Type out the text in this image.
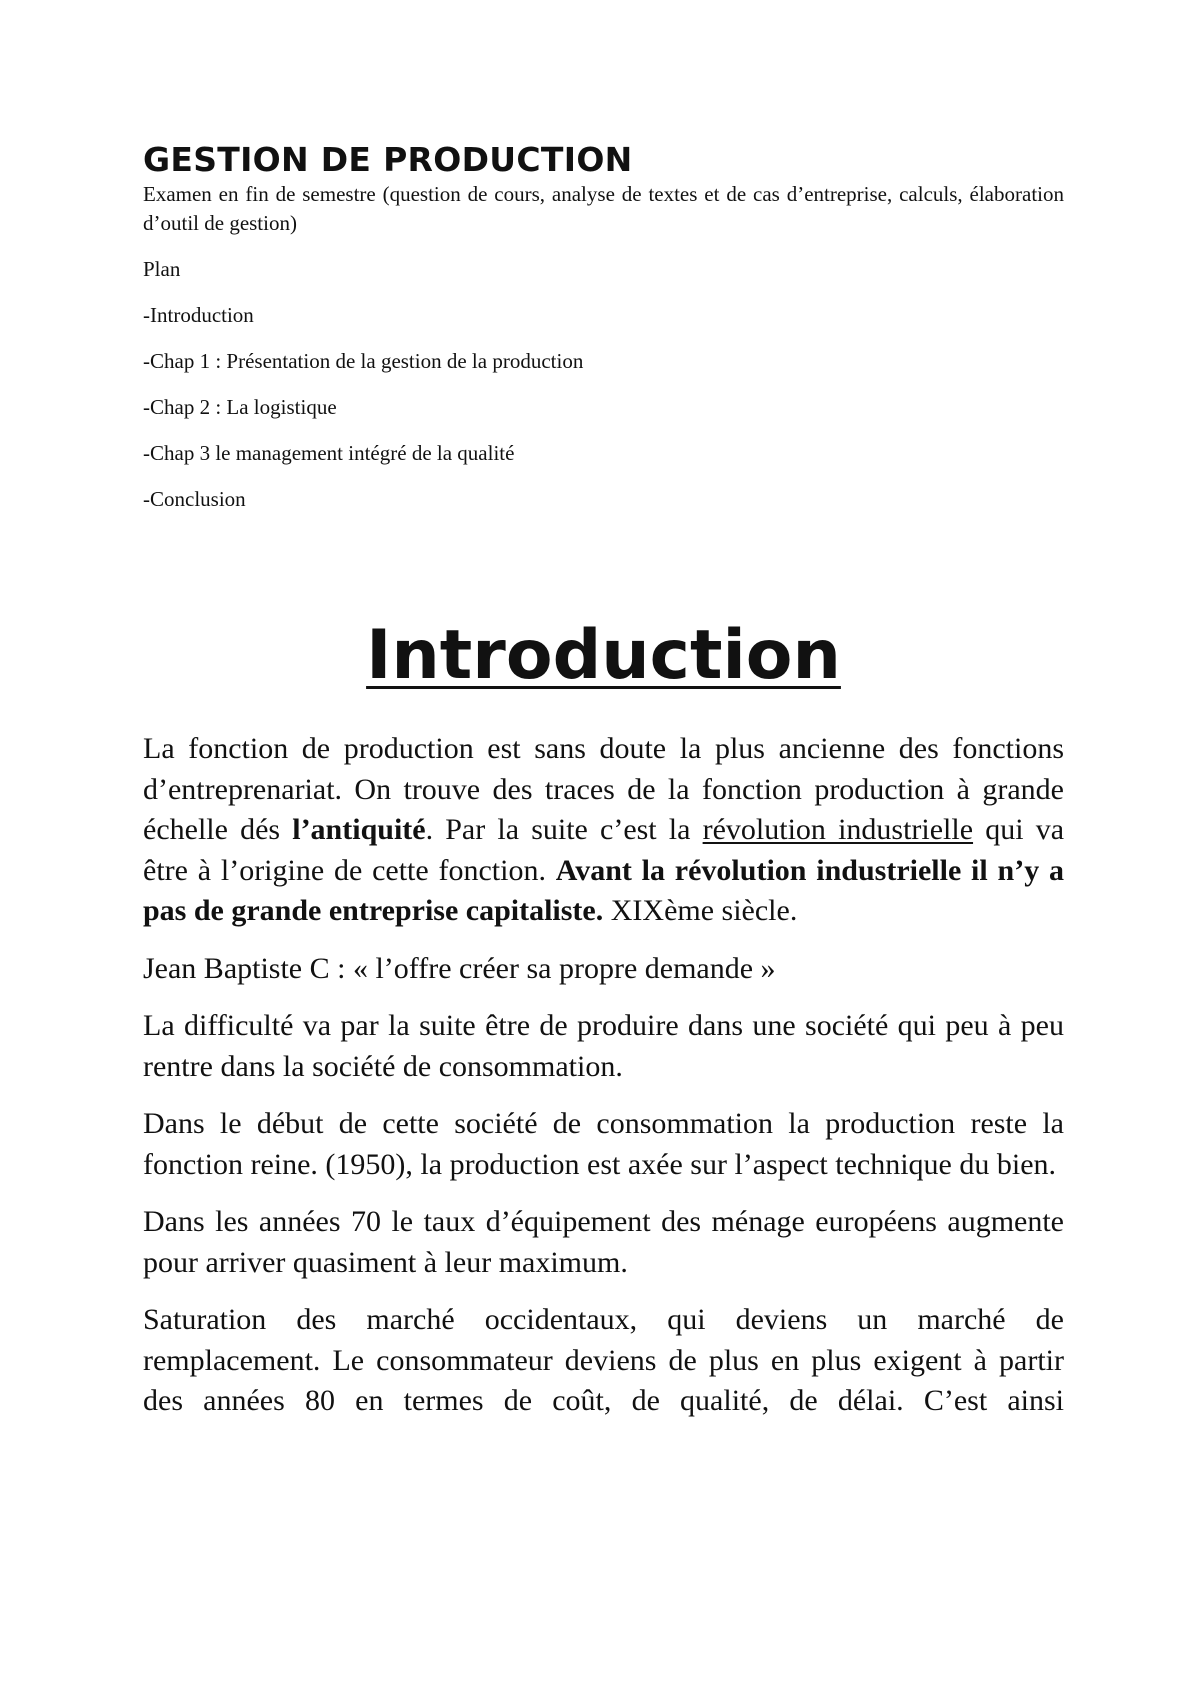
GESTION DE PRODUCTION

Examen en fin de semestre (question de cours, analyse de textes et de cas d’entreprise, calculs, élaboration d’outil de gestion)

Plan

-Introduction

-Chap 1 : Présentation de la gestion de la production

-Chap 2 : La logistique

-Chap 3 le management intégré de la qualité

-Conclusion

Introduction

La fonction de production est sans doute la plus ancienne des fonctions d’entreprenariat. On trouve des traces de la fonction production à grande échelle dés l’antiquité. Par la suite c’est la révolution industrielle qui va être à l’origine de cette fonction. Avant la révolution industrielle il n’y a pas de grande entreprise capitaliste. XIXème siècle.

Jean Baptiste C : « l’offre créer sa propre demande »

La difficulté va par la suite être de produire dans une société qui peu à peu rentre dans la société de consommation.

Dans le début de cette société de consommation la production reste la fonction reine. (1950), la production est axée sur l’aspect technique du bien.

Dans les années 70 le taux d’équipement des ménage européens augmente pour arriver quasiment à leur maximum.

Saturation des marché occidentaux, qui deviens un marché de remplacement. Le consommateur deviens de plus en plus exigent à partir des années 80 en termes de coût, de qualité, de délai. C’est ainsi
